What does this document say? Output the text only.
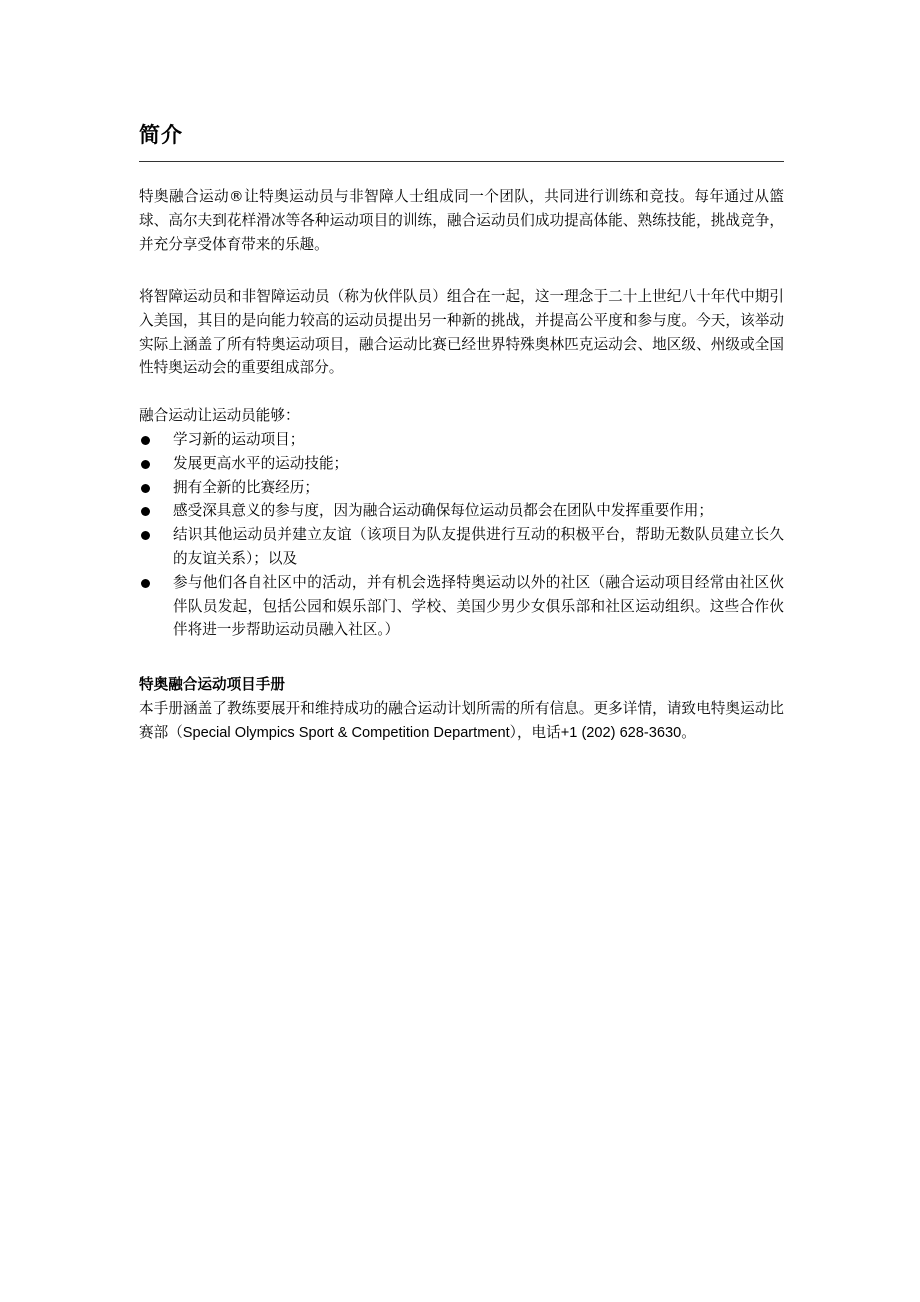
简介

特奥融合运动®让特奥运动员与非智障人士组成同一个团队，共同进行训练和竞技。每年通过从篮球、高尔夫到花样滑冰等各种运动项目的训练，融合运动员们成功提高体能、熟练技能，挑战竞争，并充分享受体育带来的乐趣。

将智障运动员和非智障运动员（称为伙伴队员）组合在一起，这一理念于二十上世纪八十年代中期引入美国，其目的是向能力较高的运动员提出另一种新的挑战，并提高公平度和参与度。今天，该举动实际上涵盖了所有特奥运动项目，融合运动比赛已经世界特殊奥林匹克运动会、地区级、州级或全国性特奥运动会的重要组成部分。

融合运动让运动员能够：

学习新的运动项目；
发展更高水平的运动技能；
拥有全新的比赛经历；
感受深具意义的参与度，因为融合运动确保每位运动员都会在团队中发挥重要作用；
结识其他运动员并建立友谊（该项目为队友提供进行互动的积极平台，帮助无数队员建立长久的友谊关系）；以及
参与他们各自社区中的活动，并有机会选择特奥运动以外的社区（融合运动项目经常由社区伙伴队员发起，包括公园和娱乐部门、学校、美国少男少女俱乐部和社区运动组织。这些合作伙伴将进一步帮助运动员融入社区。）

特奥融合运动项目手册

本手册涵盖了教练要展开和维持成功的融合运动计划所需的所有信息。更多详情，请致电特奥运动比赛部（Special Olympics Sport & Competition Department），电话+1 (202) 628-3630。
